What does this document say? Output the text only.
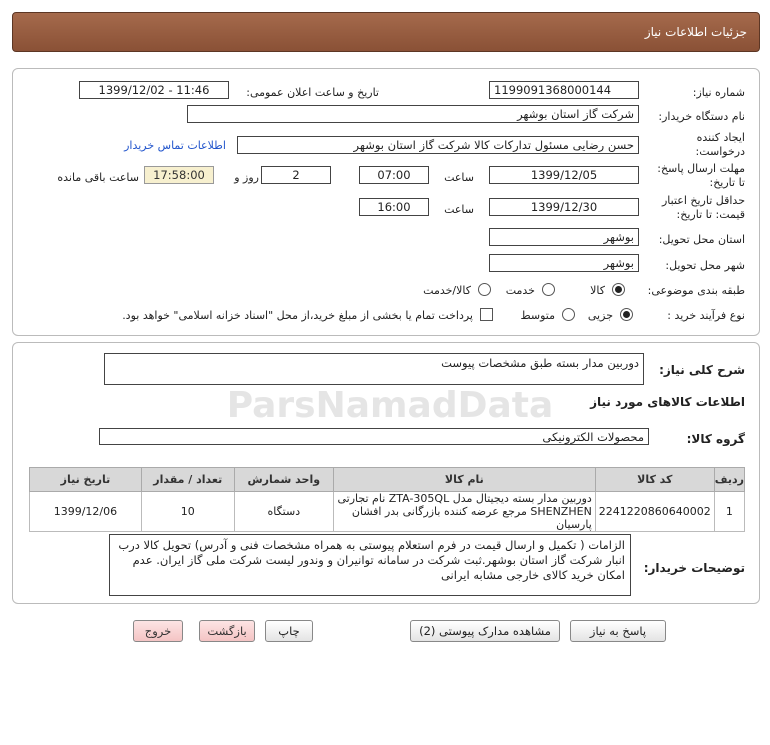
جزئیات اطلاعات نیاز
شماره نیاز:
1199091368000144
تاریخ و ساعت اعلان عمومی:
1399/12/02 - 11:46
نام دستگاه خریدار:
شرکت گاز استان بوشهر
ایجاد کننده
درخواست:
حسن رضایی مسئول تدارکات کالا شرکت گاز استان بوشهر
اطلاعات تماس خریدار
مهلت ارسال پاسخ:
تا تاریخ:
1399/12/05
ساعت
07:00
2
روز و
17:58:00
ساعت باقی مانده
حداقل تاریخ اعتبار
قیمت: تا تاریخ:
1399/12/30
ساعت
16:00
استان محل تحویل:
بوشهر
شهر محل تحویل:
بوشهر
طبقه بندی موضوعی:
کالا
خدمت
کالا/خدمت
نوع فرآیند خرید :
جزیی
متوسط
پرداخت تمام یا بخشی از مبلغ خرید،از محل "اسناد خزانه اسلامی" خواهد بود.
شرح کلی نیاز:
دوربین مدار بسته طبق مشخصات پیوست
اطلاعات کالاهای مورد نیاز
گروه کالا:
محصولات الکترونیکی
ردیف	کد کالا	نام کالا	واحد شمارش	تعداد / مقدار	تاریخ نیاز
1	2241220860640002	دوربین مدار بسته دیجیتال مدل ZTA-305QL نام تجارتی
SHENZHEN مرجع عرضه کننده بازرگانی بدر افشان پارسیان	دستگاه	10	1399/12/06
توضیحات خریدار:
الزامات ( تکمیل و ارسال قیمت در فرم استعلام پیوستی به همراه مشخصات فنی و آدرس) تحویل کالا درب انبار شرکت گاز استان بوشهر.ثبت شرکت در سامانه توانیران و وندور لیست شرکت ملی گاز ایران. عدم امکان خرید کالای خارجی مشابه ایرانی
ParsNamadData
پاسخ به نیاز
مشاهده مدارک پیوستی (2)
چاپ
بازگشت
خروج
